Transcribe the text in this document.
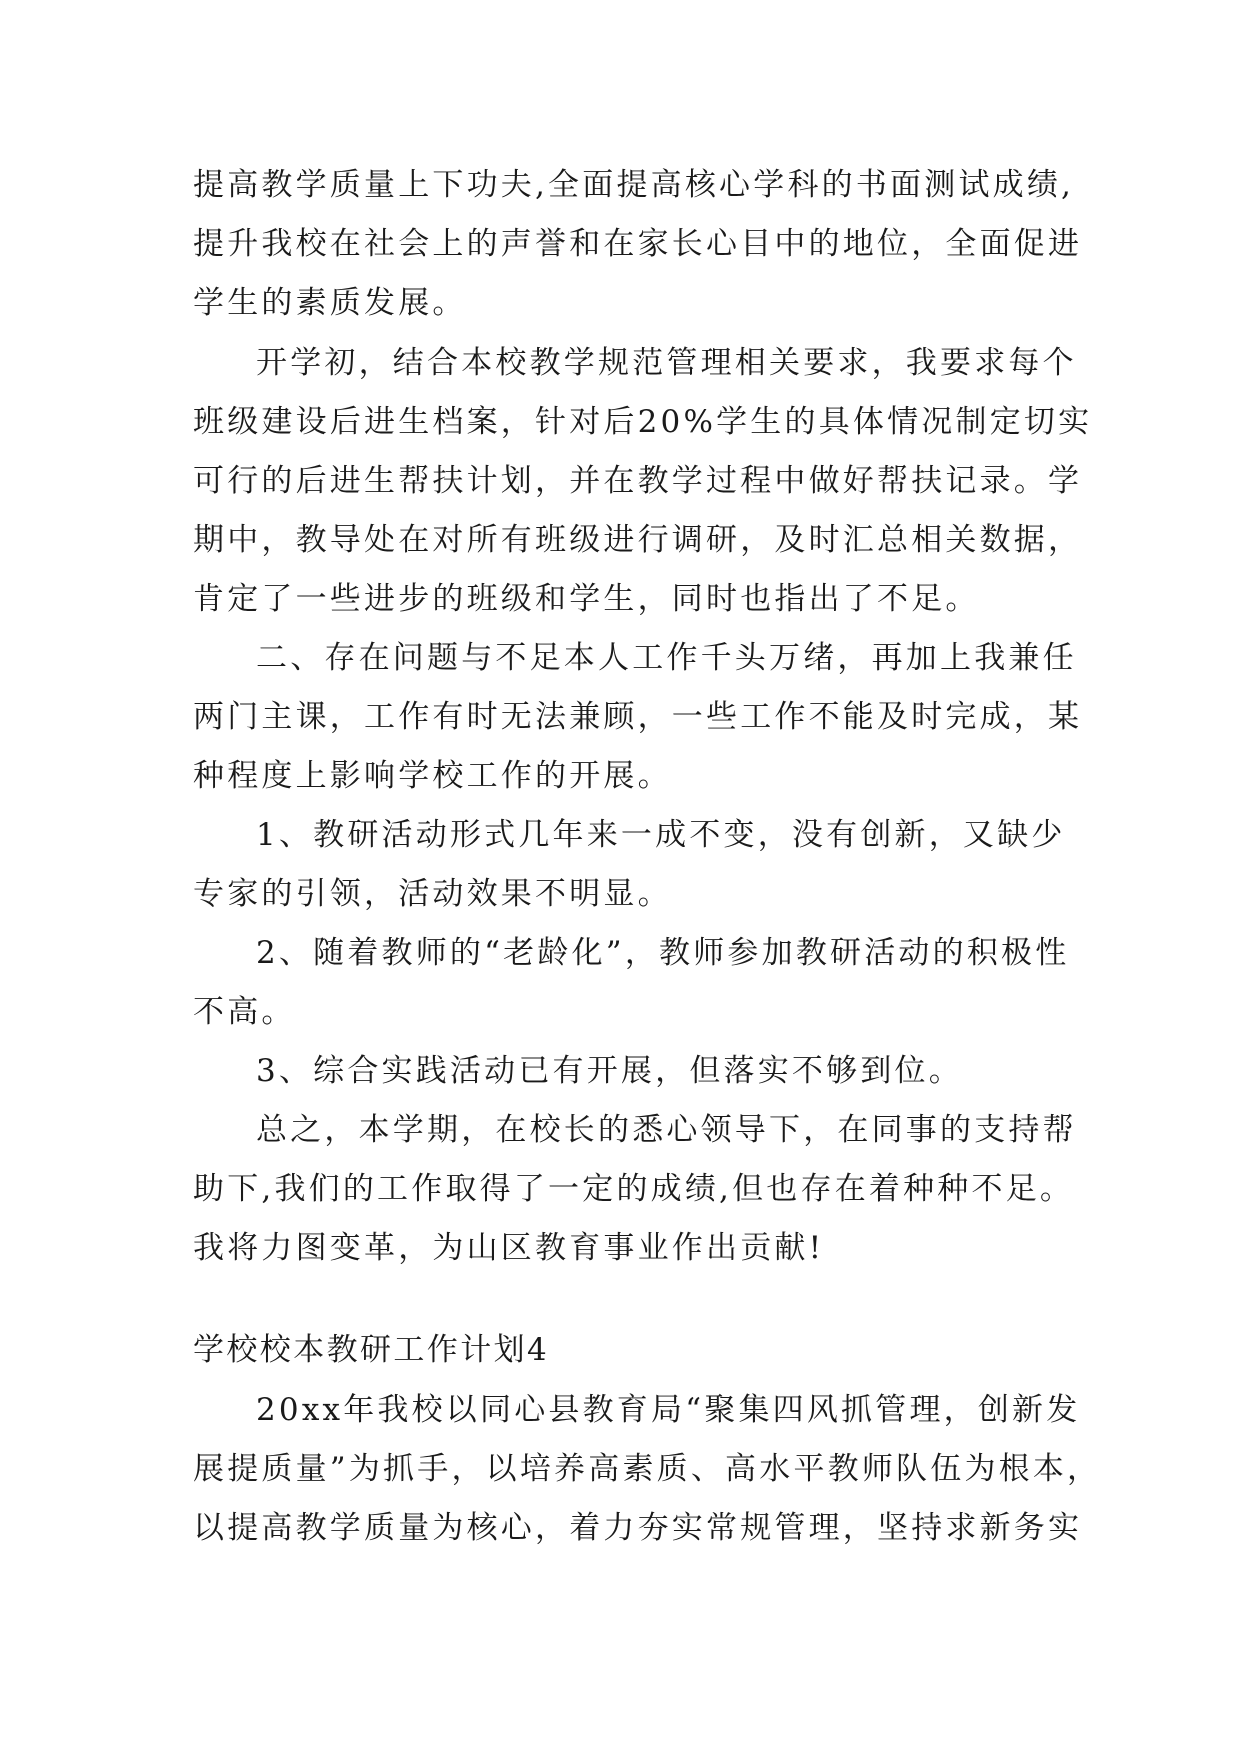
提高教学质量上下功夫,全面提高核心学科的书面测试成绩,
提升我校在社会上的声誉和在家长心目中的地位，全面促进
学生的素质发展。
开学初，结合本校教学规范管理相关要求，我要求每个
班级建设后进生档案，针对后20%学生的具体情况制定切实
可行的后进生帮扶计划，并在教学过程中做好帮扶记录。学
期中，教导处在对所有班级进行调研，及时汇总相关数据，
肯定了一些进步的班级和学生，同时也指出了不足。
二、存在问题与不足本人工作千头万绪，再加上我兼任
两门主课，工作有时无法兼顾，一些工作不能及时完成，某
种程度上影响学校工作的开展。
1、教研活动形式几年来一成不变，没有创新，又缺少
专家的引领，活动效果不明显。
2、随着教师的“老龄化”，教师参加教研活动的积极性
不高。
3、综合实践活动已有开展，但落实不够到位。
总之，本学期，在校长的悉心领导下，在同事的支持帮
助下,我们的工作取得了一定的成绩,但也存在着种种不足。
我将力图变革，为山区教育事业作出贡献!
学校校本教研工作计划4
20xx年我校以同心县教育局“聚集四风抓管理，创新发
展提质量”为抓手，以培养高素质、高水平教师队伍为根本，
以提高教学质量为核心，着力夯实常规管理，坚持求新务实
